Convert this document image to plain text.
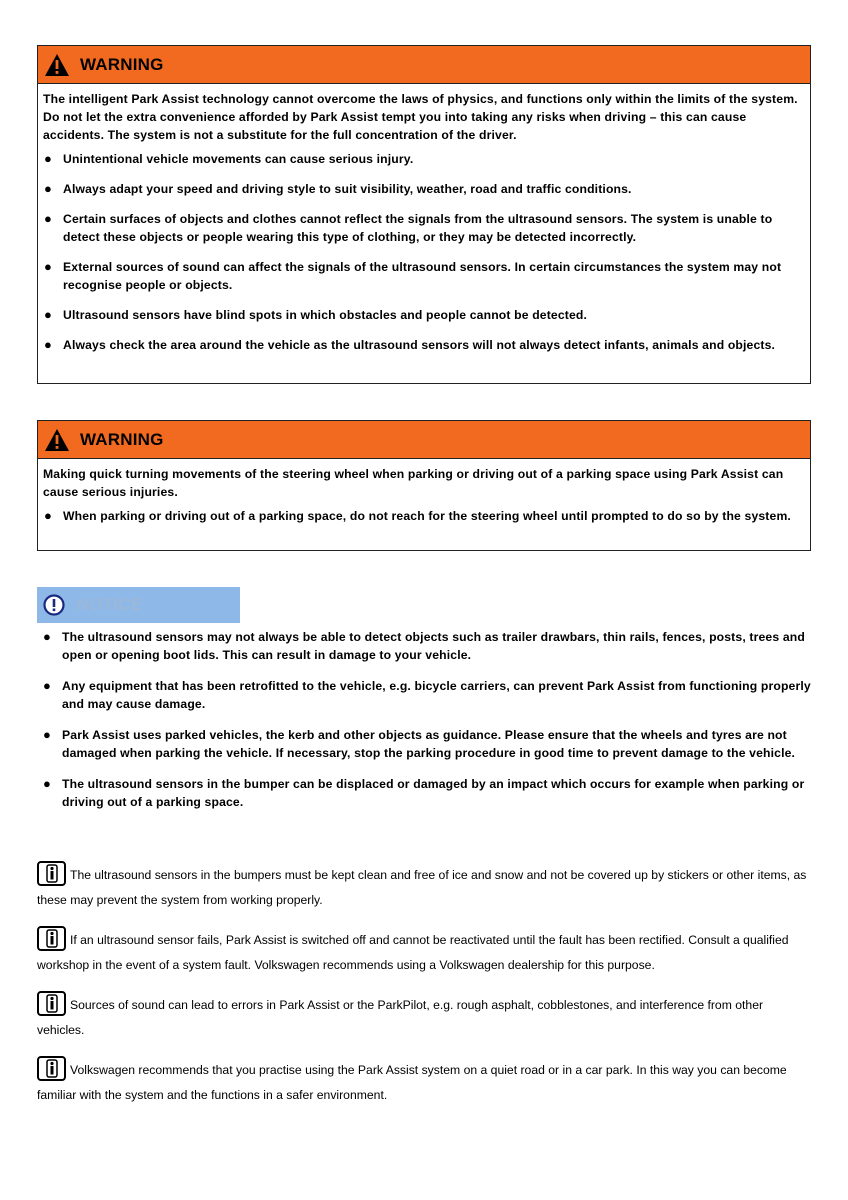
WARNING

The intelligent Park Assist technology cannot overcome the laws of physics, and functions only within the limits of the system. Do not let the extra convenience afforded by Park Assist tempt you into taking any risks when driving – this can cause accidents. The system is not a substitute for the full concentration of the driver.

● Unintentional vehicle movements can cause serious injury.
● Always adapt your speed and driving style to suit visibility, weather, road and traffic conditions.
● Certain surfaces of objects and clothes cannot reflect the signals from the ultrasound sensors. The system is unable to detect these objects or people wearing this type of clothing, or they may be detected incorrectly.
● External sources of sound can affect the signals of the ultrasound sensors. In certain circumstances the system may not recognise people or objects.
● Ultrasound sensors have blind spots in which obstacles and people cannot be detected.
● Always check the area around the vehicle as the ultrasound sensors will not always detect infants, animals and objects.
WARNING

Making quick turning movements of the steering wheel when parking or driving out of a parking space using Park Assist can cause serious injuries.

● When parking or driving out of a parking space, do not reach for the steering wheel until prompted to do so by the system.
NOTICE
● The ultrasound sensors may not always be able to detect objects such as trailer drawbars, thin rails, fences, posts, trees and open or opening boot lids. This can result in damage to your vehicle.
● Any equipment that has been retrofitted to the vehicle, e.g. bicycle carriers, can prevent Park Assist from functioning properly and may cause damage.
● Park Assist uses parked vehicles, the kerb and other objects as guidance. Please ensure that the wheels and tyres are not damaged when parking the vehicle. If necessary, stop the parking procedure in good time to prevent damage to the vehicle.
● The ultrasound sensors in the bumper can be displaced or damaged by an impact which occurs for example when parking or driving out of a parking space.
The ultrasound sensors in the bumpers must be kept clean and free of ice and snow and not be covered up by stickers or other items, as these may prevent the system from working properly.
If an ultrasound sensor fails, Park Assist is switched off and cannot be reactivated until the fault has been rectified. Consult a qualified workshop in the event of a system fault. Volkswagen recommends using a Volkswagen dealership for this purpose.
Sources of sound can lead to errors in Park Assist or the ParkPilot, e.g. rough asphalt, cobblestones, and interference from other vehicles.
Volkswagen recommends that you practise using the Park Assist system on a quiet road or in a car park. In this way you can become familiar with the system and the functions in a safer environment.
